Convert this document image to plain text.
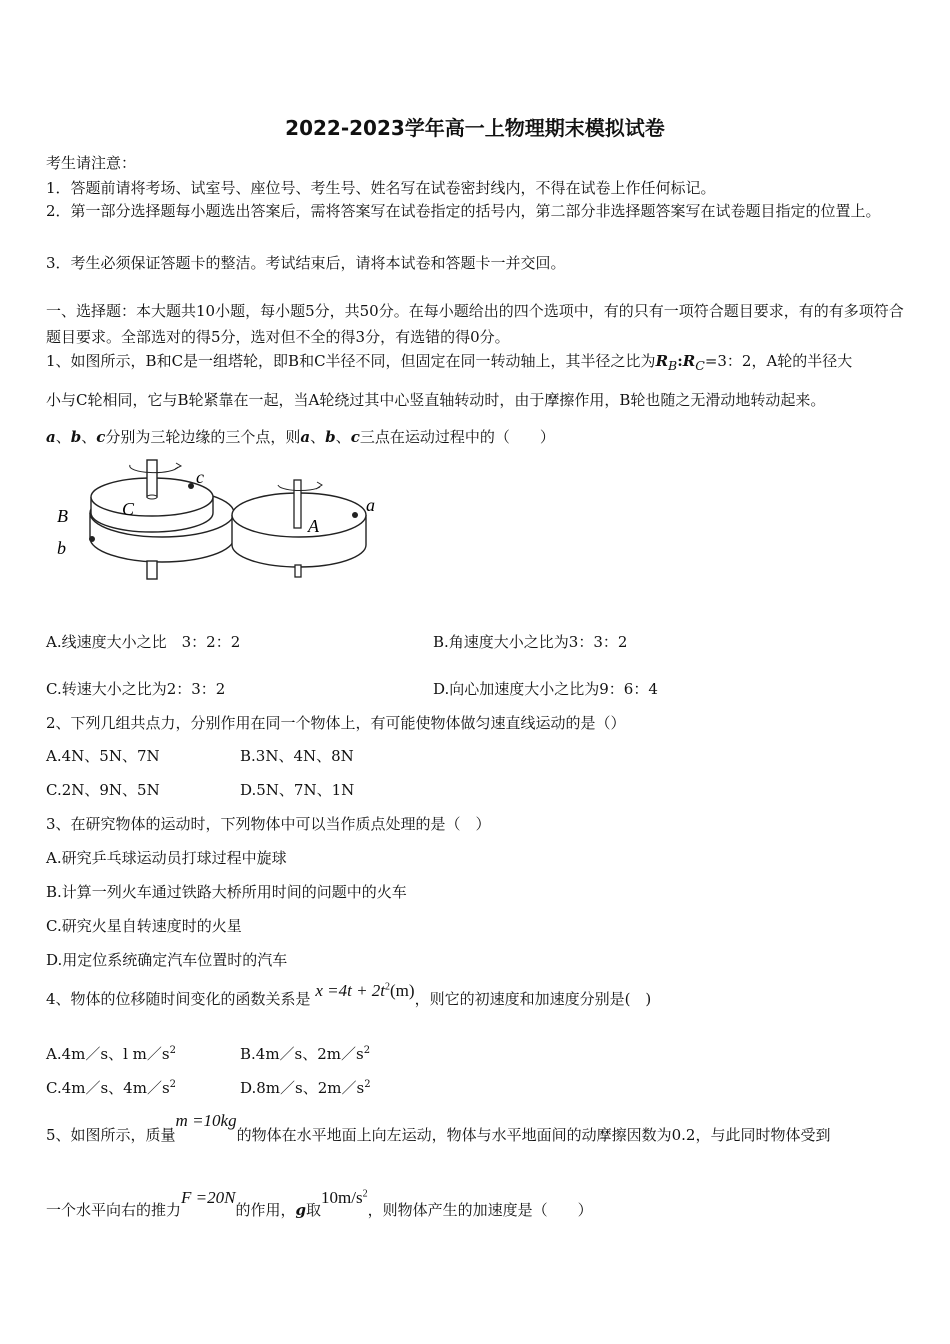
2022-2023学年高一上物理期末模拟试卷
考生请注意：
1．答题前请将考场、试室号、座位号、考生号、姓名写在试卷密封线内，不得在试卷上作任何标记。
2．第一部分选择题每小题选出答案后，需将答案写在试卷指定的括号内，第二部分非选择题答案写在试卷题目指定的位置上。
3．考生必须保证答题卡的整洁。考试结束后，请将本试卷和答题卡一并交回。
一、选择题：本大题共10小题，每小题5分，共50分。在每小题给出的四个选项中，有的只有一项符合题目要求，有的有多项符合题目要求。全部选对的得5分，选对但不全的得3分，有选错的得0分。
1、如图所示，B和C是一组塔轮，即B和C半径不同，但固定在同一转动轴上，其半径之比为$R_B:R_C=3$：2，A轮的半径大
小与C轮相同，它与B轮紧靠在一起，当A轮绕过其中心竖直轴转动时，由于摩擦作用，B轮也随之无滑动地转动起来。
a、b、c分别为三轮边缘的三个点，则a、b、c三点在运动过程中的（　　）
c
C
B
b
A
a
A.线速度大小之比　3：2：2	B.角速度大小之比为3：3：2
C.转速大小之比为2：3：2	D.向心加速度大小之比为9：6：4
2、下列几组共点力，分别作用在同一个物体上，有可能使物体做匀速直线运动的是（）
A.4N、5N、7N	B.3N、4N、8N
C.2N、9N、5N	D.5N、7N、1N
3、在研究物体的运动时，下列物体中可以当作质点处理的是（　）
A.研究乒乓球运动员打球过程中旋球
B.计算一列火车通过铁路大桥所用时间的问题中的火车
C.研究火星自转速度时的火星
D.用定位系统确定汽车位置时的汽车
4、物体的位移随时间变化的函数关系是 $x =4t + 2t^2(m)$，则它的初速度和加速度分别是(　)
A.4m／s、l $m/s^2$	B.4m／s、$2m/s^2$
C.4m／s、$4m/s^2$	D.8m／s、$2m/s^2$
5、如图所示，质量m =10kg的物体在水平地面上向左运动，物体与水平地面间的动摩擦因数为0.2，与此同时物体受到
一个水平向右的推力F =20N的作用，g取$10m/s^2$，则物体产生的加速度是（　　）
